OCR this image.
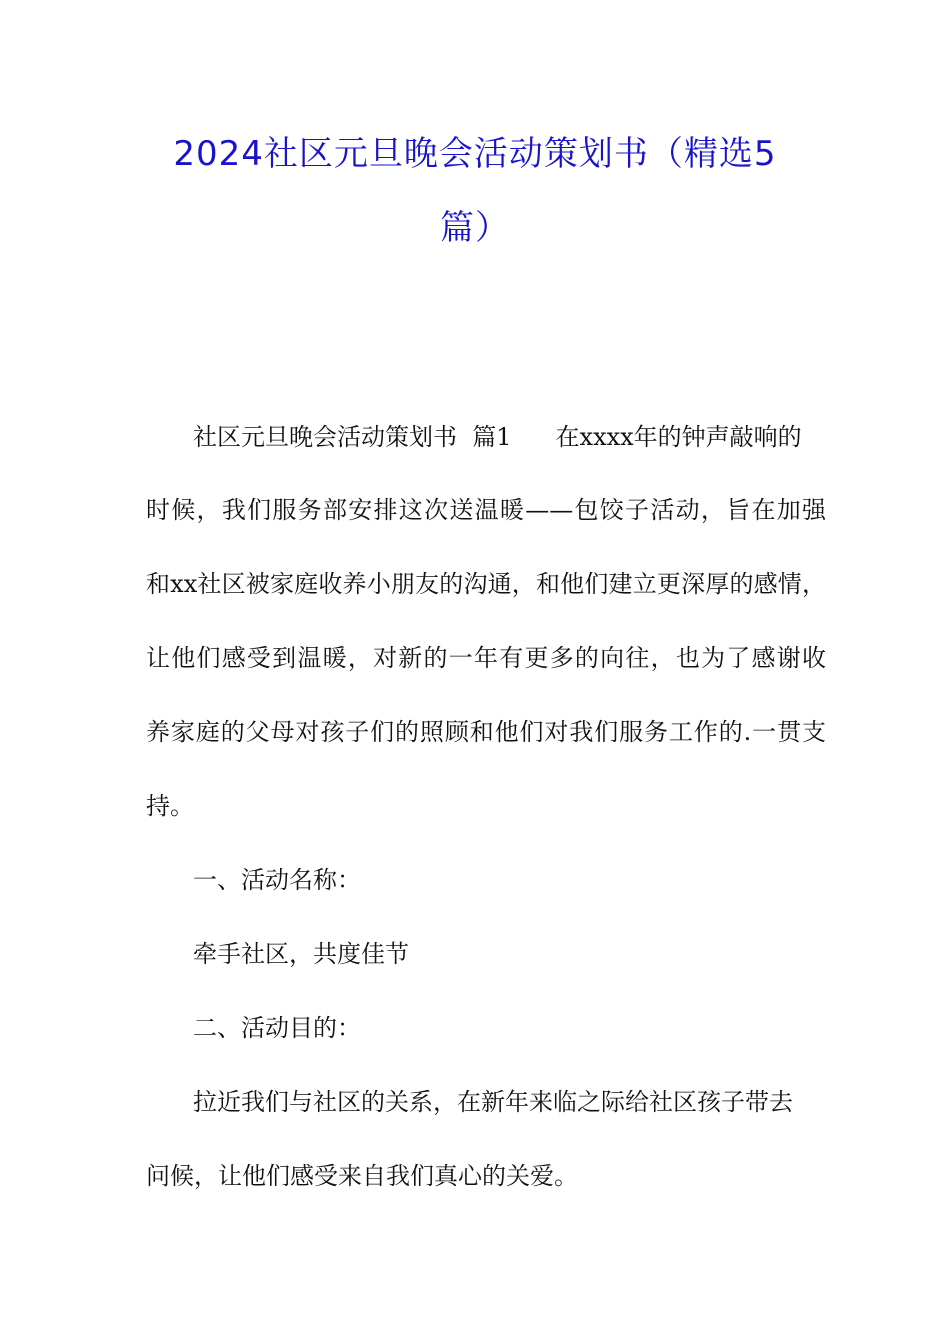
2024社区元旦晚会活动策划书（精选5
篇）
社区元旦晚会活动策划书  篇1 在xxxx年的钟声敲响的
时候，我们服务部安排这次送温暖——包饺子活动，旨在加强
和xx社区被家庭收养小朋友的沟通，和他们建立更深厚的感情，
让他们感受到温暖，对新的一年有更多的向往，也为了感谢收
养家庭的父母对孩子们的照顾和他们对我们服务工作的.一贯支
持。
一、活动名称：
牵手社区，共度佳节
二、活动目的：
拉近我们与社区的关系，在新年来临之际给社区孩子带去
问候，让他们感受来自我们真心的关爱。
